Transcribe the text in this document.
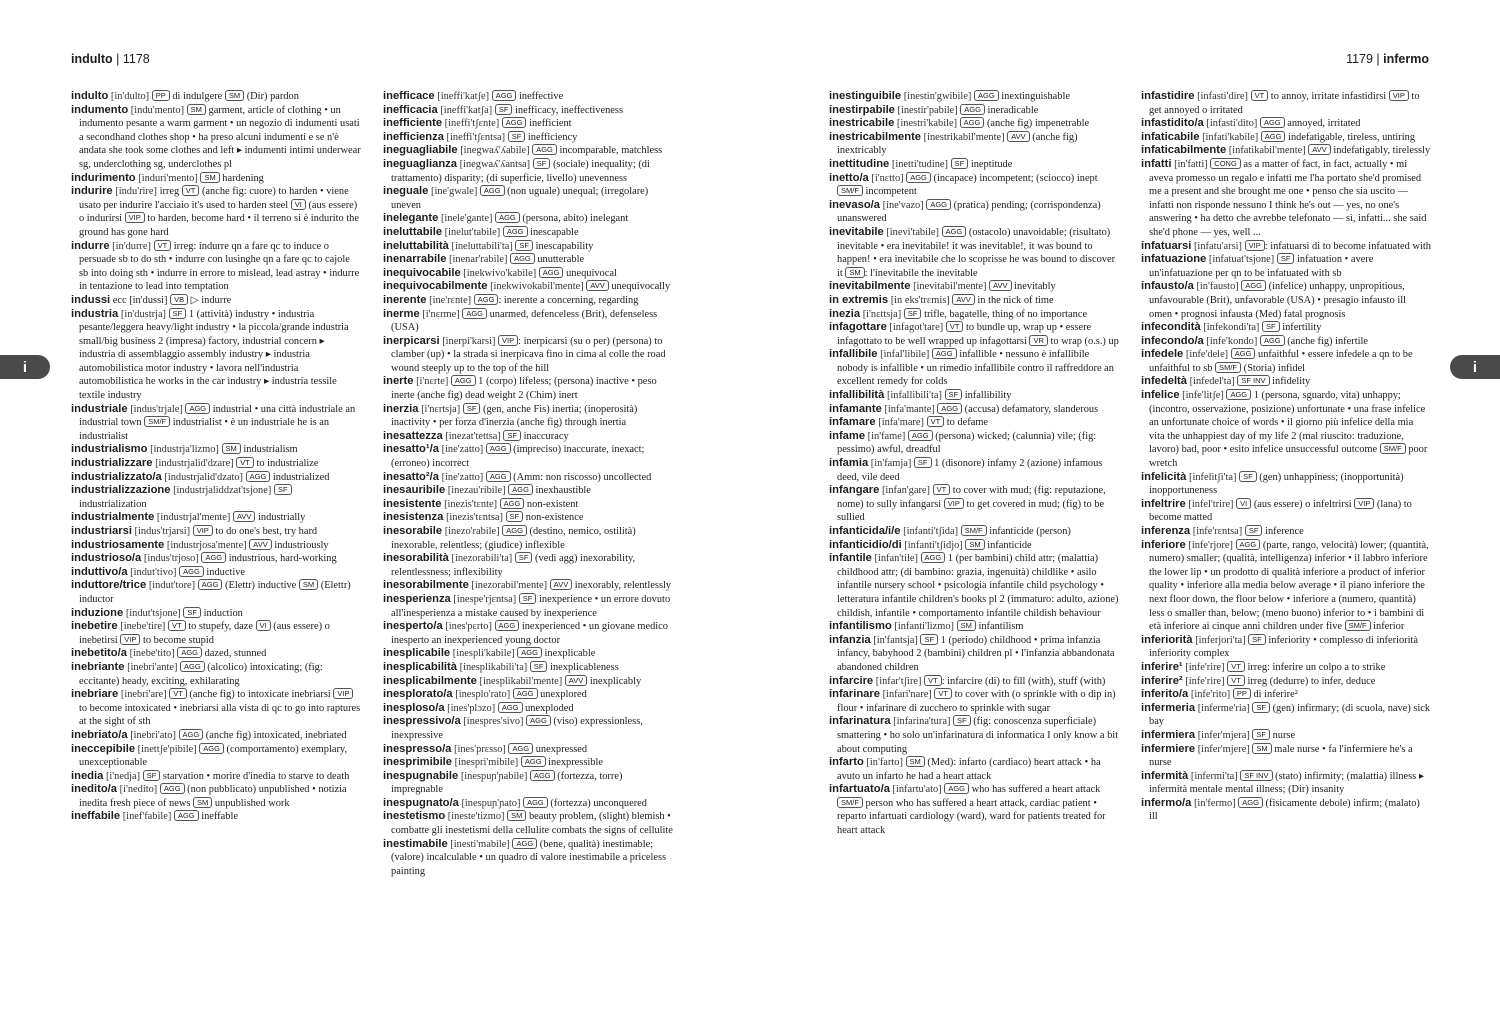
indulto | 1178	1179 | infermo
i	i

indulto [in'dulto] PP di indulgere SM (Dir) pardon

indumento [indu'mento] SM garment, article of clothing • un indumento pesante a warm garment • un negozio di indumenti usati a secondhand clothes shop • ha preso alcuni indumenti e se n'è andata she took some clothes and left ▸ indumenti intimi underwear sg, underclothing sg, underclothes pl

indurimento [induri'mento] SM hardening

indurire [indu'rire] irreg VT (anche fig: cuore) to harden • viene usato per indurire l'acciaio it's used to harden steel VI (aus essere) o indurirsi VIP to harden, become hard • il terreno si è indurito the ground has gone hard

indurre [in'durre] VT irreg: indurre qn a fare qc to induce o persuade sb to do sth • indurre con lusinghe qn a fare qc to cajole sb into doing sth • indurre in errore to mislead, lead astray • indurre in tentazione to lead into temptation

indussi ecc [in'dussi] VB ▷ indurre

industria [in'dustrja] SF 1 (attività) industry • industria pesante/leggera heavy/light industry • la piccola/grande industria small/big business 2 (impresa) factory, industrial concern ▸ industria di assemblaggio assembly industry ▸ industria automobilistica motor industry • lavora nell'industria automobilistica he works in the car industry ▸ industria tessile textile industry

industriale [indus'trjale] AGG industrial • una città industriale an industrial town SM/F industrialist • è un industriale he is an industrialist

industrialismo [industrja'lizmo] SM industrialism

industrializzare [industrjalid'dzare] VT to industrialize

industrializzato/a [industrjalid'dzato] AGG industrialized

industrializzazione [industrjaliddzat'tsjone] SF industrialization

industrialmente [industrjal'mente] AVV industrially

industriarsi [indus'trjarsi] VIP to do one's best, try hard

industriosamente [industrjosa'mente] AVV industriously

industrioso/a [indus'trjoso] AGG industrious, hard-working

induttivo/a [indut'tivo] AGG inductive

induttore/trice [indut'tore] AGG (Elettr) inductive SM (Elettr) inductor

induzione [indut'tsjone] SF induction

inebetire [inebe'tire] VT to stupefy, daze VI (aus essere) o inebetirsi VIP to become stupid

inebetito/a [inebe'tito] AGG dazed, stunned

inebriante [inebri'ante] AGG (alcolico) intoxicating; (fig: eccitante) heady, exciting, exhilarating

inebriare [inebri'are] VT (anche fig) to intoxicate inebriarsi VIP to become intoxicated • inebriarsi alla vista di qc to go into raptures at the sight of sth

inebriato/a [inebri'ato] AGG (anche fig) intoxicated, inebriated

ineccepibile [inettʃe'pibile] AGG (comportamento) exemplary, unexceptionable

inedia [i'nedja] SF starvation • morire d'inedia to starve to death

inedito/a [i'nedito] AGG (non pubblicato) unpublished • notizia inedita fresh piece of news SM unpublished work

ineffabile [inef'fabile] AGG ineffable

inefficace [ineffi'katʃe] AGG ineffective

inefficacia [ineffi'katʃa] SF inefficacy, ineffectiveness

inefficiente [ineffi'tʃɛnte] AGG inefficient

inefficienza [ineffi'tʃɛntsa] SF inefficiency

ineguagliabile [inegwaʎ'ʎabile] AGG incomparable, matchless

ineguaglianza [inegwaʎ'ʎantsa] SF (sociale) inequality; (di trattamento) disparity; (di superficie, livello) unevenness

ineguale [ine'gwale] AGG (non uguale) unequal; (irregolare) uneven

inelegante [inele'gante] AGG (persona, abito) inelegant

ineluttabile [inelut'tabile] AGG inescapable

ineluttabilità [ineluttabili'ta] SF inescapability

inenarrabile [inenar'rabile] AGG unutterable

inequivocabile [inekwivo'kabile] AGG unequivocal

inequivocabilmente [inekwivokabil'mente] AVV unequivocally

inerente [ine'rɛnte] AGG : inerente a concerning, regarding

inerme [i'nɛrme] AGG unarmed, defenceless (Brit), defenseless (USA)

inerpicarsi [inerpi'karsi] VIP : inerpicarsi (su o per) (persona) to clamber (up) • la strada si inerpicava fino in cima al colle the road wound steeply up to the top of the hill

inerte [i'nɛrte] AGG 1 (corpo) lifeless; (persona) inactive • peso inerte (anche fig) dead weight 2 (Chim) inert

inerzia [i'nɛrtsja] SF (gen, anche Fis) inertia; (inoperosità) inactivity • per forza d'inerzia (anche fig) through inertia

inesattezza [inezat'tettsa] SF inaccuracy

inesatto¹/a [ine'zatto] AGG (impreciso) inaccurate, inexact; (erroneo) incorrect

inesatto²/a [ine'zatto] AGG (Amm: non riscosso) uncollected

inesauribile [inezau'ribile] AGG inexhaustible

inesistente [inezis'tɛnte] AGG non-existent

inesistenza [inezis'tɛntsa] SF non-existence

inesorabile [inezo'rabile] AGG (destino, nemico, ostilità) inexorable, relentless; (giudice) inflexible

inesorabilità [inezorabili'ta] SF (vedi agg) inexorability, relentlessness; inflexibility

inesorabilmente [inezorabil'mente] AVV inexorably, relentlessly

inesperienza [inespe'rjɛntsa] SF inexperience • un errore dovuto all'inesperienza a mistake caused by inexperience

inesperto/a [ines'pɛrto] AGG inexperienced • un giovane medico inesperto an inexperienced young doctor

inesplicabile [inespli'kabile] AGG inexplicable

inesplicabilità [inesplikabili'ta] SF inexplicableness

inesplicabilmente [inesplikabil'mente] AVV inexplicably

inesplorato/a [inesplo'rato] AGG unexplored

inesploso/a [ines'plɔzo] AGG unexploded

inespressivo/a [inespres'sivo] AGG (viso) expressionless, inexpressive

inespresso/a [ines'prɛsso] AGG unexpressed

inesprimibile [inespri'mibile] AGG inexpressible

inespugnabile [inespuɲ'ɲabile] AGG (fortezza, torre) impregnable

inespugnato/a [inespuɲ'ɲato] AGG (fortezza) unconquered

inestetismo [ineste'tizmo] SM beauty problem, (slight) blemish • combatte gli inestetismi della cellulite combats the signs of cellulite

inestimabile [inesti'mabile] AGG (bene, qualità) inestimable; (valore) incalculable • un quadro di valore inestimabile a priceless painting

inestinguibile [inestin'gwibile] AGG inextinguishable

inestirpabile [inestir'pabile] AGG ineradicable

inestricabile [inestri'kabile] AGG (anche fig) impenetrable

inestricabilmente [inestrikabil'mente] AVV (anche fig) inextricably

inettitudine [inetti'tudine] SF ineptitude

inetto/a [i'nɛtto] AGG (incapace) incompetent; (sciocco) inept SM/F incompetent

inevaso/a [ine'vazo] AGG (pratica) pending; (corrispondenza) unanswered

inevitabile [inevi'tabile] AGG (ostacolo) unavoidable; (risultato) inevitable • era inevitabile! it was inevitable!, it was bound to happen! • era inevitabile che lo scoprisse he was bound to discover it SM : l'inevitabile the inevitable

inevitabilmente [inevitabil'mente] AVV inevitably

in extremis [in eks'trɛmis] AVV in the nick of time

inezia [i'nɛttsja] SF trifle, bagatelle, thing of no importance

infagottare [infagot'tare] VT to bundle up, wrap up • essere infagottato to be well wrapped up infagottarsi VR to wrap (o.s.) up

infallibile [infal'libile] AGG infallible • nessuno è infallibile nobody is infallible • un rimedio infallibile contro il raffreddore an excellent remedy for colds

infallibilità [infallibili'ta] SF infallibility

infamante [infa'mante] AGG (accusa) defamatory, slanderous

infamare [infa'mare] VT to defame

infame [in'fame] AGG (persona) wicked; (calunnia) vile; (fig: pessimo) awful, dreadful

infamia [in'famja] SF 1 (disonore) infamy 2 (azione) infamous deed, vile deed

infangare [infan'gare] VT to cover with mud; (fig: reputazione, nome) to sully infangarsi VIP to get covered in mud; (fig) to be sullied

infanticida/i/e [infanti'tʃida] SM/F infanticide (person)

infanticidio/di [infanti'tʃidjo] SM infanticide

infantile [infan'tile] AGG 1 (per bambini) child attr; (malattia) childhood attr; (di bambino: grazia, ingenuità) childlike • asilo infantile nursery school • psicologia infantile child psychology • letteratura infantile children's books pl 2 (immaturo: adulto, azione) childish, infantile • comportamento infantile childish behaviour

infantilismo [infanti'lizmo] SM infantilism

infanzia [in'fantsja] SF 1 (periodo) childhood • prima infanzia infancy, babyhood 2 (bambini) children pl • l'infanzia abbandonata abandoned children

infarcire [infar'tʃire] VT : infarcire (di) to fill (with), stuff (with)

infarinare [infari'nare] VT to cover with (o sprinkle with o dip in) flour • infarinare di zucchero to sprinkle with sugar

infarinatura [infarina'tura] SF (fig: conoscenza superficiale) smattering • ho solo un'infarinatura di informatica I only know a bit about computing

infarto [in'farto] SM (Med): infarto (cardiaco) heart attack • ha avuto un infarto he had a heart attack

infartuato/a [infartu'ato] AGG who has suffered a heart attack SM/F person who has suffered a heart attack, cardiac patient • reparto infartuati cardiology (ward), ward for patients treated for heart attack

infastidire [infasti'dire] VT to annoy, irritate infastidirsi VIP to get annoyed o irritated

infastidito/a [infasti'dito] AGG annoyed, irritated

infaticabile [infati'kabile] AGG indefatigable, tireless, untiring

infaticabilmente [infatikabil'mente] AVV indefatigably, tirelessly

infatti [in'fatti] CONG as a matter of fact, in fact, actually • mi aveva promesso un regalo e infatti me l'ha portato she'd promised me a present and she brought me one • penso che sia uscito — infatti non risponde nessuno I think he's out — yes, no one's answering • ha detto che avrebbe telefonato — sì, infatti... she said she'd phone — yes, well ...

infatuarsi [infatu'arsi] VIP : infatuarsi di to become infatuated with

infatuazione [infatuat'tsjone] SF infatuation • avere un'infatuazione per qn to be infatuated with sb

infausto/a [in'fausto] AGG (infelice) unhappy, unpropitious, unfavourable (Brit), unfavorable (USA) • presagio infausto ill omen • prognosi infausta (Med) fatal prognosis

infecondità [infekondi'ta] SF infertility

infecondo/a [infe'kondo] AGG (anche fig) infertile

infedele [infe'dele] AGG unfaithful • essere infedele a qn to be unfaithful to sb SM/F (Storia) infidel

infedeltà [infedel'ta] SF INV infidelity

infelice [infe'litʃe] AGG 1 (persona, sguardo, vita) unhappy; (incontro, osservazione, posizione) unfortunate • una frase infelice an unfortunate choice of words • il giorno più infelice della mia vita the unhappiest day of my life 2 (mal riuscito: traduzione, lavoro) bad, poor • esito infelice unsuccessful outcome SM/F poor wretch

infelicità [infelitʃi'ta] SF (gen) unhappiness; (inopportunità) inopportuneness

infeltrire [infel'trire] VI (aus essere) o infeltrirsi VIP (lana) to become matted

inferenza [infe'rɛntsa] SF inference

inferiore [infe'rjore] AGG (parte, rango, velocità) lower; (quantità, numero) smaller; (qualità, intelligenza) inferior • il labbro inferiore the lower lip • un prodotto di qualità inferiore a product of inferior quality • inferiore alla media below average • il piano inferiore the next floor down, the floor below • inferiore a (numero, quantità) less o smaller than, below; (meno buono) inferior to • i bambini di età inferiore ai cinque anni children under five SM/F inferior

inferiorità [inferjori'ta] SF inferiority • complesso di inferiorità inferiority complex

inferire¹ [infe'rire] VT irreg: inferire un colpo a to strike

inferire² [infe'rire] VT irreg (dedurre) to infer, deduce

inferito/a [infe'rito] PP di inferire²

infermeria [inferme'ria] SF (gen) infirmary; (di scuola, nave) sick bay

infermiera [infer'mjera] SF nurse

infermiere [infer'mjere] SM male nurse • fa l'infermiere he's a nurse

infermità [infermi'ta] SF INV (stato) infirmity; (malattia) illness ▸ infermità mentale mental illness; (Dir) insanity

infermo/a [in'fermo] AGG (fisicamente debole) infirm; (malato) ill
